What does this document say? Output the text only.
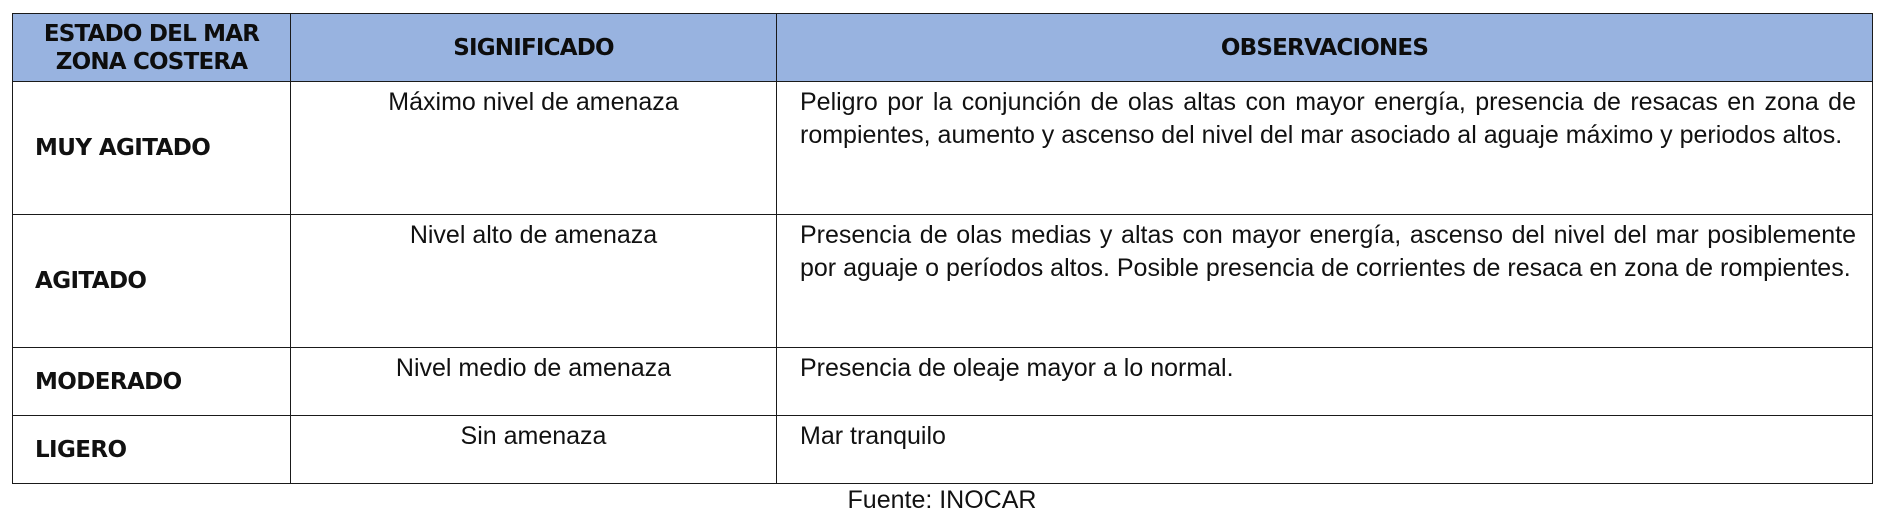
ESTADO DEL MAR
ZONA COSTERA	SIGNIFICADO	OBSERVACIONES
MUY AGITADO	Máximo nivel de amenaza	Peligro por la conjunción de olas altas con mayor energía, presencia de resacas en zona de rompientes, aumento y ascenso del nivel del mar asociado al aguaje máximo y periodos altos.
AGITADO	Nivel alto de amenaza	Presencia de olas medias y altas con mayor energía, ascenso del nivel del mar posiblemente por aguaje o períodos altos. Posible presencia de corrientes de resaca en zona de rompientes.
MODERADO	Nivel medio de amenaza	Presencia de oleaje mayor a lo normal.
LIGERO	Sin amenaza	Mar tranquilo
Fuente: INOCAR
